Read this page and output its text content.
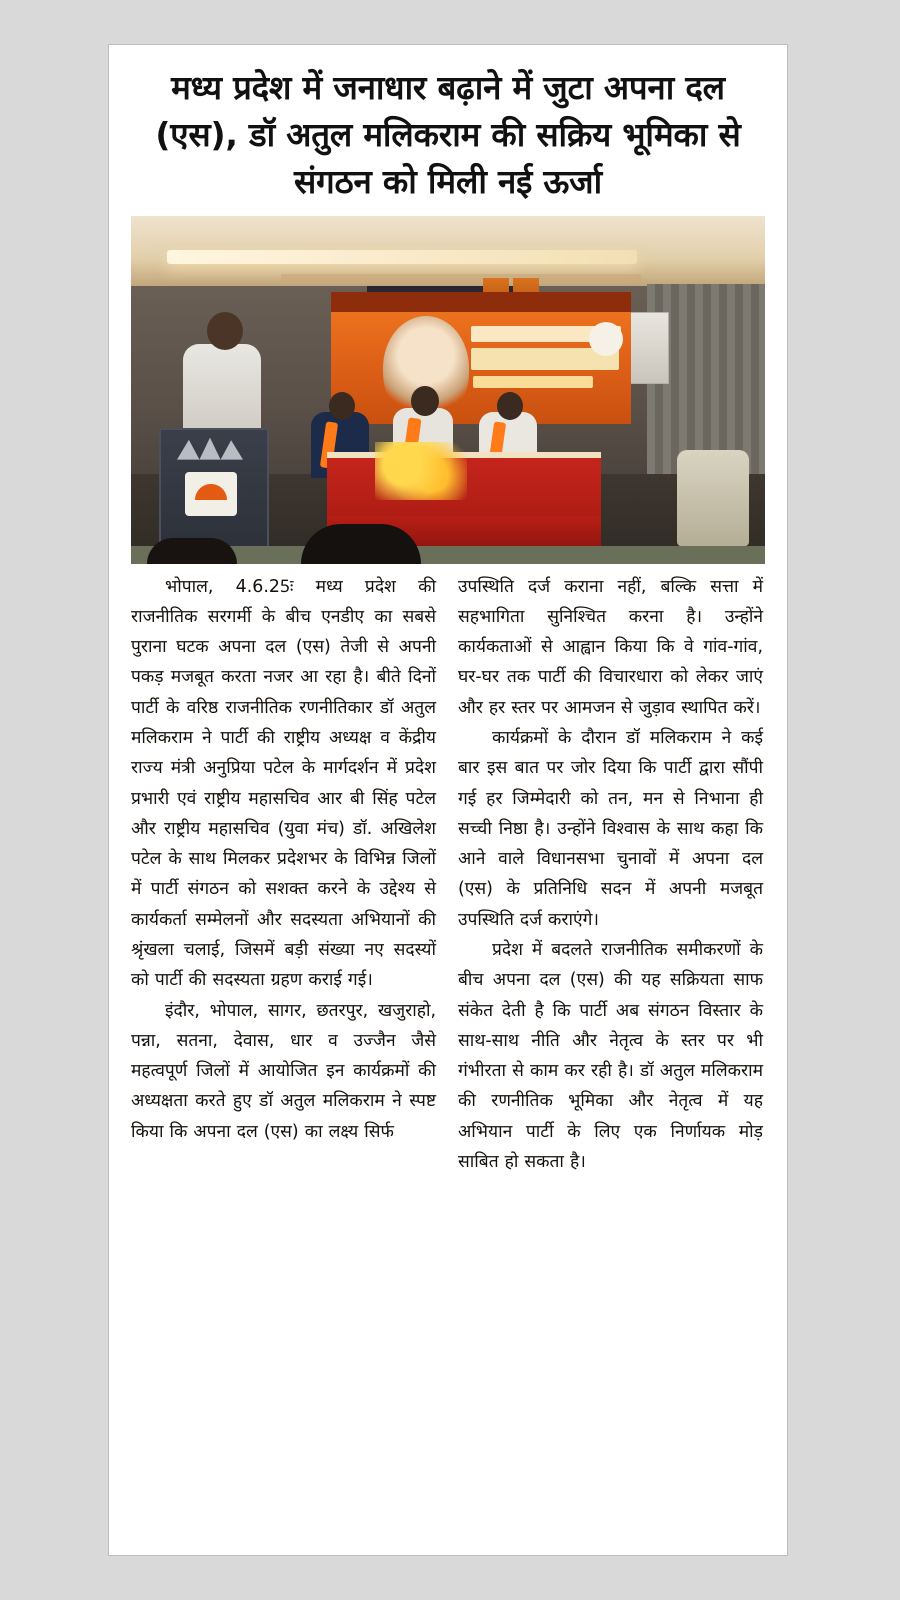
मध्य प्रदेश में जनाधार बढ़ाने में जुटा अपना दल (एस), डॉ अतुल मलिकराम की सक्रिय भूमिका से संगठन को मिली नई ऊर्जा

भोपाल, 4.6.25ः मध्य प्रदेश की राजनीतिक सरगर्मी के बीच एनडीए का सबसे पुराना घटक अपना दल (एस) तेजी से अपनी पकड़ मजबूत करता नजर आ रहा है। बीते दिनों पार्टी के वरिष्ठ राजनीतिक रणनीतिकार डॉ अतुल मलिकराम ने पार्टी की राष्ट्रीय अध्यक्ष व केंद्रीय राज्य मंत्री अनुप्रिया पटेल के मार्गदर्शन में प्रदेश प्रभारी एवं राष्ट्रीय महासचिव आर बी सिंह पटेल और राष्ट्रीय महासचिव (युवा मंच) डॉ. अखिलेश पटेल के साथ मिलकर प्रदेशभर के विभिन्न जिलों में पार्टी संगठन को सशक्त करने के उद्देश्य से कार्यकर्ता सम्मेलनों और सदस्यता अभियानों की श्रृंखला चलाई, जिसमें बड़ी संख्या नए सदस्यों को पार्टी की सदस्यता ग्रहण कराई गई।

इंदौर, भोपाल, सागर, छतरपुर, खजुराहो, पन्ना, सतना, देवास, धार व उज्जैन जैसे महत्वपूर्ण जिलों में आयोजित इन कार्यक्रमों की अध्यक्षता करते हुए डॉ अतुल मलिकराम ने स्पष्ट किया कि अपना दल (एस) का लक्ष्य सिर्फ

उपस्थिति दर्ज कराना नहीं, बल्कि सत्ता में सहभागिता सुनिश्चित करना है। उन्होंने कार्यकताओं से आह्वान किया कि वे गांव-गांव, घर-घर तक पार्टी की विचारधारा को लेकर जाएं और हर स्तर पर आमजन से जुड़ाव स्थापित करें।

कार्यक्रमों के दौरान डॉ मलिकराम ने कई बार इस बात पर जोर दिया कि पार्टी द्वारा सौंपी गई हर जिम्मेदारी को तन, मन से निभाना ही सच्ची निष्ठा है। उन्होंने विश्वास के साथ कहा कि आने वाले विधानसभा चुनावों में अपना दल (एस) के प्रतिनिधि सदन में अपनी मजबूत उपस्थिति दर्ज कराएंगे।

प्रदेश में बदलते राजनीतिक समीकरणों के बीच अपना दल (एस) की यह सक्रियता साफ संकेत देती है कि पार्टी अब संगठन विस्तार के साथ-साथ नीति और नेतृत्व के स्तर पर भी गंभीरता से काम कर रही है। डॉ अतुल मलिकराम की रणनीतिक भूमिका और नेतृत्व में यह अभियान पार्टी के लिए एक निर्णायक मोड़ साबित हो सकता है।
